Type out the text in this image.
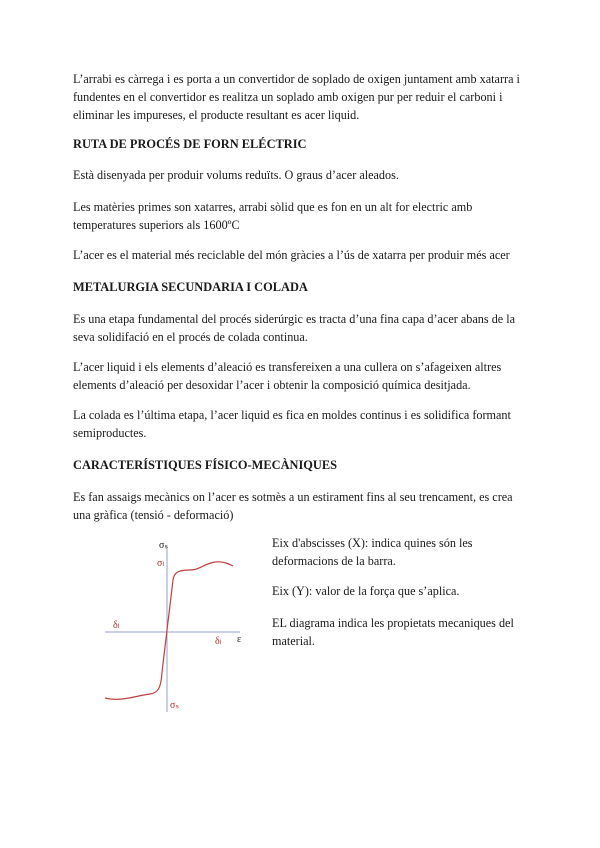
L’arrabi es càrrega i es porta a un convertidor de soplado de oxigen juntament amb xatarra i fundentes en el convertidor es realitza un soplado amb oxigen pur per reduir el carboni i eliminar les impureses, el producte resultant es acer liquid.

RUTA DE PROCÉS DE FORN ELÉCTRIC

Està disenyada per produir volums reduïts. O graus d’acer aleados.

Les matèries primes son xatarres, arrabi sòlid que es fon en un alt for electric amb temperatures superiors als 1600ºC

L’acer es el material més reciclable del món gràcies a l’ús de xatarra per produir més acer

METALURGIA SECUNDARIA I COLADA

Es una etapa fundamental del procés siderúrgic es tracta d’una fina capa d’acer abans de la seva solidifació en el procés de colada continua.

L’acer liquid i els elements d’aleació es transfereixen a una cullera on s’afageixen altres elements d’aleació per desoxidar l’acer i obtenir la composició química desitjada.

La colada es l’última etapa, l’acer liquid es fica en moldes continus i es solidifica formant semiproductes.

CARACTERÍSTIQUES FÍSICO-MECÀNIQUES

Es fan assaigs mecànics on l’acer es sotmès a un estirament fins al seu trencament, es crea una gràfica (tensió - deformació)

σₛ
σₗ
σₛ
δₗ
δₗ ε

Eix d'abscisses (X): indica quines són les deformacions de la barra.

Eix (Y): valor de la força que s’aplica.

EL diagrama indica les propietats mecaniques del material.
